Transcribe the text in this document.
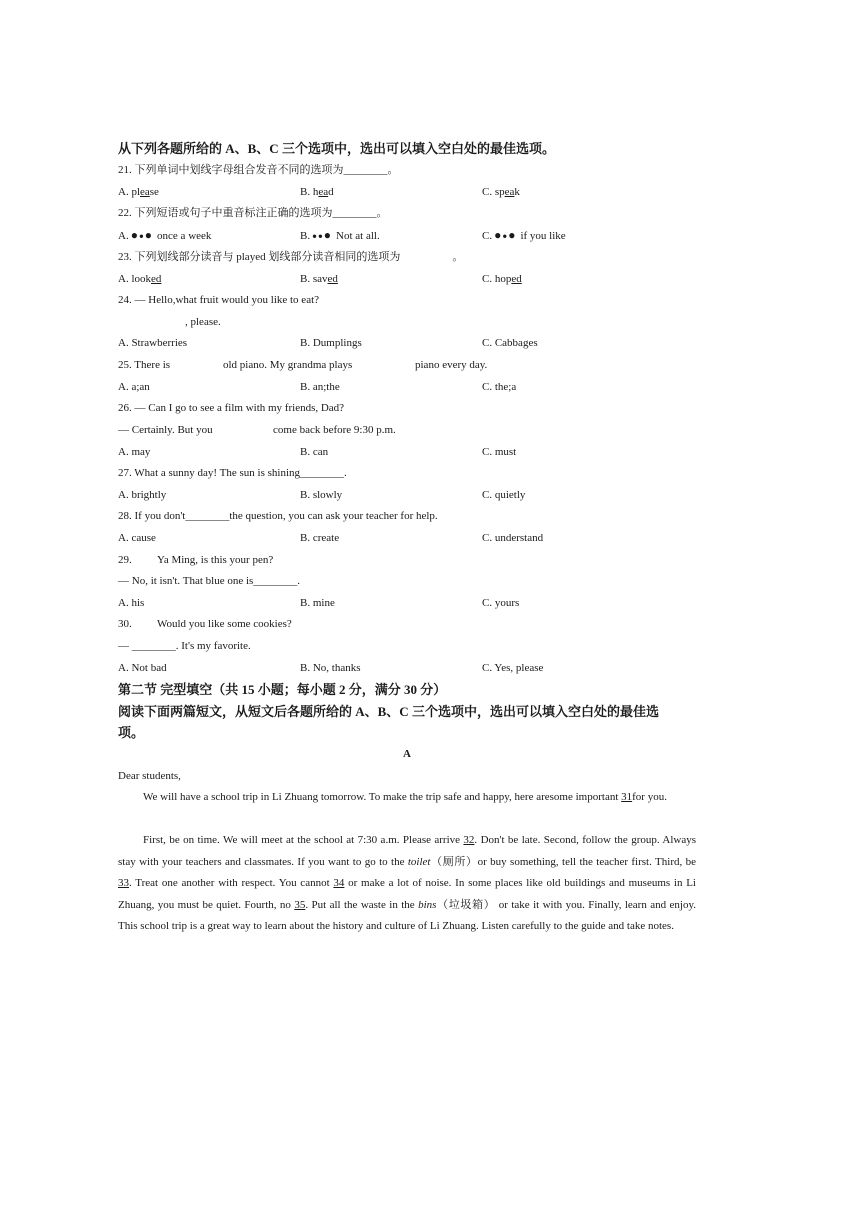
从下列各题所给的 A、B、C 三个选项中，选出可以填入空白处的最佳选项。
21. 下列单词中划线字母组合发音不同的选项为________。
A. please	B. head	C. speak
22. 下列短语或句子中重音标注正确的选项为________。
A. ●●● once a week	B. ●●● Not at all.	C. ●●● if you like
23. 下列划线部分读音与 played 划线部分读音相同的选项为	。
A. looked	B. saved	C. hoped
24. — Hello,what fruit would you like to eat?
, please.
A. Strawberries	B. Dumplings	C. Cabbages
25. There is	old piano. My grandma plays	piano every day.
A. a;an	B. an;the	C. the;a
26. — Can I go to see a film with my friends, Dad?
— Certainly. But you	come back before 9:30 p.m.
A. may	B. can	C. must
27. What a sunny day! The sun is shining________.
A. brightly	B. slowly	C. quietly
28. If you don't________the question, you can ask your teacher for help.
A. cause	B. create	C. understand
29. Ya Ming, is this your pen?
— No, it isn't. That blue one is________.
A. his	B. mine	C. yours
30. Would you like some cookies?
— ________. It's my favorite.
A. Not bad	B. No, thanks	C. Yes, please
第二节 完型填空（共 15 小题；每小题 2 分，满分 30 分）
阅读下面两篇短文，从短文后各题所给的 A、B、C 三个选项中，选出可以填入空白处的最佳选
项。
A
Dear students,
We will have a school trip in Li Zhuang tomorrow. To make the trip safe and happy, here aresome important 31for you.
First, be on time. We will meet at the school at 7:30 a.m. Please arrive 32. Don't be late. Second, follow the group. Always stay with your teachers and classmates. If you want to go to the toilet（厕所）or buy something, tell the teacher first. Third, be 33. Treat one another with respect. You cannot 34 or make a lot of noise. In some places like old buildings and museums in Li Zhuang, you must be quiet. Fourth, no 35. Put all the waste in the bins（垃圾箱） or take it with you. Finally, learn and enjoy. This school trip is a great way to learn about the history and culture of Li Zhuang. Listen carefully to the guide and take notes.
